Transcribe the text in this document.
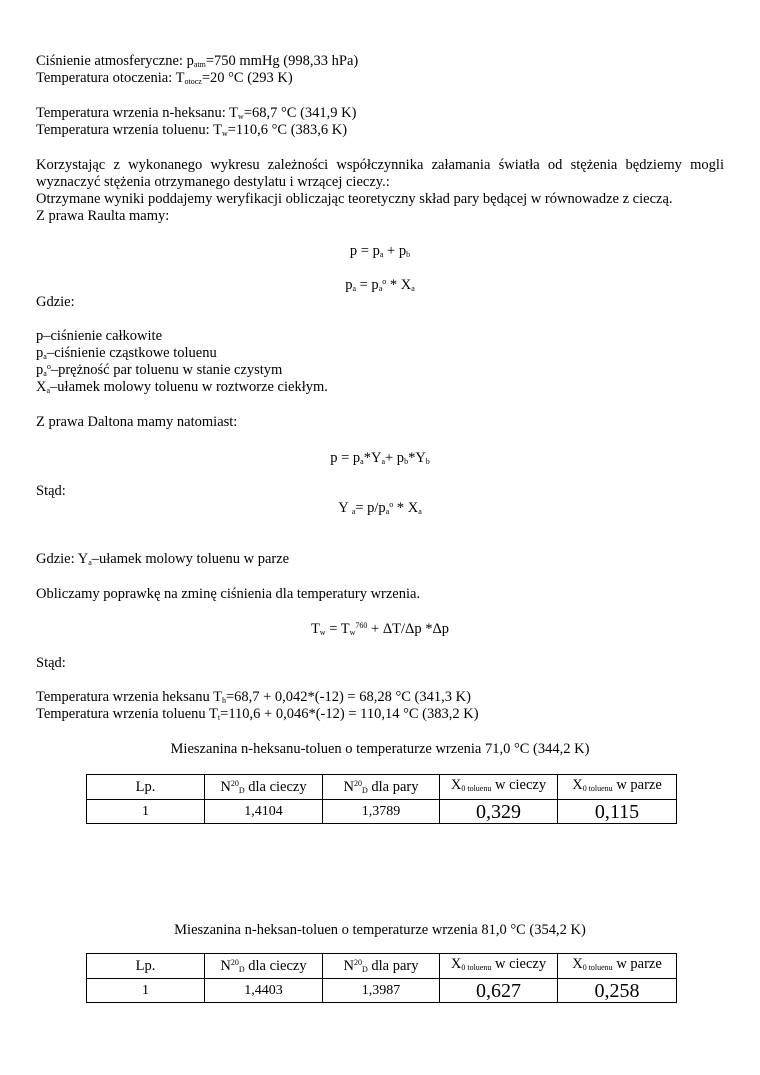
Ciśnienie atmosferyczne: $p_{atm}=750$ mmHg (998,33 hPa)
Temperatura otoczenia: $T_{otocz}=20$ °C (293 K)
Temperatura wrzenia n-heksanu: $T_w=68,7$ °C (341,9 K)
Temperatura wrzenia toluenu: $T_w=110,6$ °C (383,6 K)
Korzystając z wykonanego wykresu zależności współczynnika załamania światła od stężenia będziemy mogli wyznaczyć stężenia otrzymanego destylatu i wrzącej cieczy.:
Otrzymane wyniki poddajemy weryfikacji obliczając teoretyczny skład pary będącej w równowadze z cieczą.
Z prawa Raulta mamy:
$p = p_a + p_b$
$p_a = p_a^o * X_a$
Gdzie:
p–ciśnienie całkowite
$p_a$–ciśnienie cząstkowe toluenu
$p_a^o$–prężność par toluenu w stanie czystym
$X_a$–ułamek molowy toluenu w roztworze ciekłym.
Z prawa Daltona mamy natomiast:
$p = p_a*Y_a+ p_b*Y_b$
Stąd:
Y $_a= p/p_a^o * X_a$
Gdzie: $Y_a$–ułamek molowy toluenu w parze
Obliczamy poprawkę na zminę ciśnienia dla temperatury wrzenia.
$T_w = T_w^{760} + \Delta T/\Delta p$ *Δp
Stąd:
Temperatura wrzenia heksanu $T_h=68,7 + 0,042*(-12) = 68,28$ °C (341,3 K)
Temperatura wrzenia toluenu $T_t=110,6 + 0,046*(-12) = 110,14$ °C (383,2 K)
Mieszanina n-heksanu-toluen o temperaturze wrzenia 71,0 °C (344,2 K)
Lp.	$N^{20}_D$ dla cieczy	$N^{20}_D$ dla pary	$X_{0 toluenu}$ w cieczy	$X_{0 toluenu}$ w parze
1	1,4104	1,3789	0,329	0,115
Mieszanina n-heksan-toluen o temperaturze wrzenia 81,0 °C (354,2 K)
Lp.	$N^{20}_D$ dla cieczy	$N^{20}_D$ dla pary	$X_{0 toluenu}$ w cieczy	$X_{0 toluenu}$ w parze
1	1,4403	1,3987	0,627	0,258
